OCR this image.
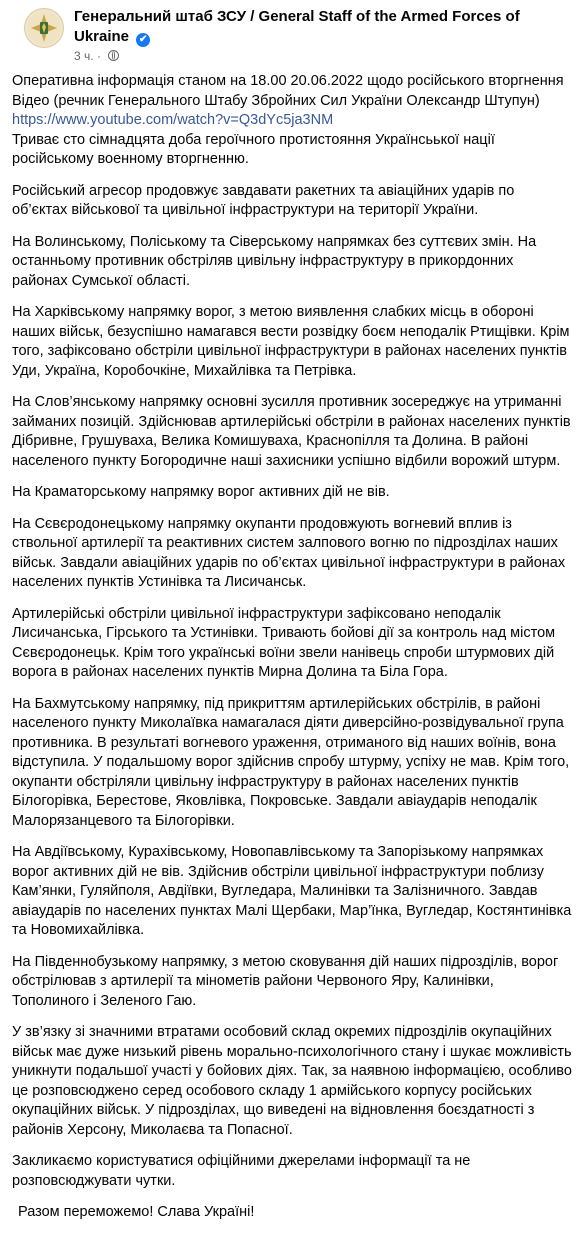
Генеральний штаб ЗСУ / General Staff of the Armed Forces of Ukraine ✔
3 ч. ·

Оперативна інформація станом на 18.00 20.06.2022 щодо російського вторгнення
Відео (речник Генерального Штабу Збройних Сил України Олександр Штупун)
https://www.youtube.com/watch?v=Q3dYc5ja3NM
Триває сто сімнадцята доба героїчного протистояння Українсьької нації російському военному вторгненню.

Російський агресор продовжує завдавати ракетних та авіаційних ударів по об’єктах військової та цивільної інфраструктури на території України.

На Волинському, Поліському та Сіверському напрямках без суттєвих змін. На останньому противник обстріляв цивільну інфраструктуру в прикордонних районах Сумської області.

На Харківському напрямку ворог, з метою виявлення слабких місць в обороні наших військ, безуспішно намагався вести розвідку боєм неподалік Ртищівки. Крім того, зафіксовано обстріли цивільної інфраструктури в районах населених пунктів Уди, Україна, Коробочкіне, Михайлівка та Петрівка.

На Слов’янському напрямку основні зусилля противник зосереджує на утриманні займаних позицій. Здійснював артилерійські обстріли в районах населених пунктів Дібривне, Грушуваха, Велика Комишуваха, Краснопілля та Долина. В районі населеного пункту Богородичне наші захисники успішно відбили ворожий штурм.

На Краматорському напрямку ворог активних дій не вів.

На Сєвєродонецькому напрямку окупанти продовжують вогневий вплив із ствольної артилерії та реактивних систем залпового вогню по підрозділах наших військ. Завдали авіаційних ударів по об’єктах цивільної інфраструктури в районах населених пунктів Устинівка та Лисичанськ.

Артилерійські обстріли цивільної інфраструктури зафіксовано неподалік Лисичанська, Гірського та Устинівки. Тривають бойові дії за контроль над містом Сєвєродонецьк. Крім того українські воїни звели нанівець спроби штурмових дій ворога в районах населених пунктів Мирна Долина та Біла Гора.

На Бахмутському напрямку, під прикриттям артилерійських обстрілів, в районі населеного пункту Миколаївка намагалася діяти диверсійно-розвідувальної група противника. В результаті вогневого ураження, отриманого від наших воїнів, вона відступила. У подальшому ворог здійснив спробу штурму, успіху не мав. Крім того, окупанти обстріляли цивільну інфраструктуру в районах населених пунктів Білогорівка, Берестове, Яковлівка, Покровське. Завдали авіаударів неподалік Малорязанцевого та Білогорівки.

На Авдіївському, Курахівському, Новопавлівському та Запорізькому напрямках ворог активних дій не вів. Здійснив обстріли цивільної інфраструктури поблизу Кам’янки, Гуляйполя, Авдіївки, Вугледара, Малинівки та Залізничного. Завдав авіаударів по населених пунктах Малі Щербаки, Мар’їнка, Вугледар, Костянтинівка та Новомихайлівка.

На Південнобузькому напрямку, з метою сковування дій наших підрозділів, ворог обстрілював з артилерії та мінометів райони Червоного Яру, Калинівки, Тополиного і Зеленого Гаю.

У зв’язку зі значними втратами особовий склад окремих підрозділів окупаційних військ має дуже низький рівень морально-психологічного стану і шукає можливість уникнути подальшої участі у бойових діях. Так, за наявною інформацією, особливо це розповсюджено серед особового складу 1 армійського корпусу російських окупаційних військ. У підрозділах, що виведені на відновлення боєздатності з районів Херсону, Миколаєва та Попасної.

Закликаємо користуватися офіційними джерелами інформації та не розповсюджувати чутки.

Разом переможемо! Слава Україні!
